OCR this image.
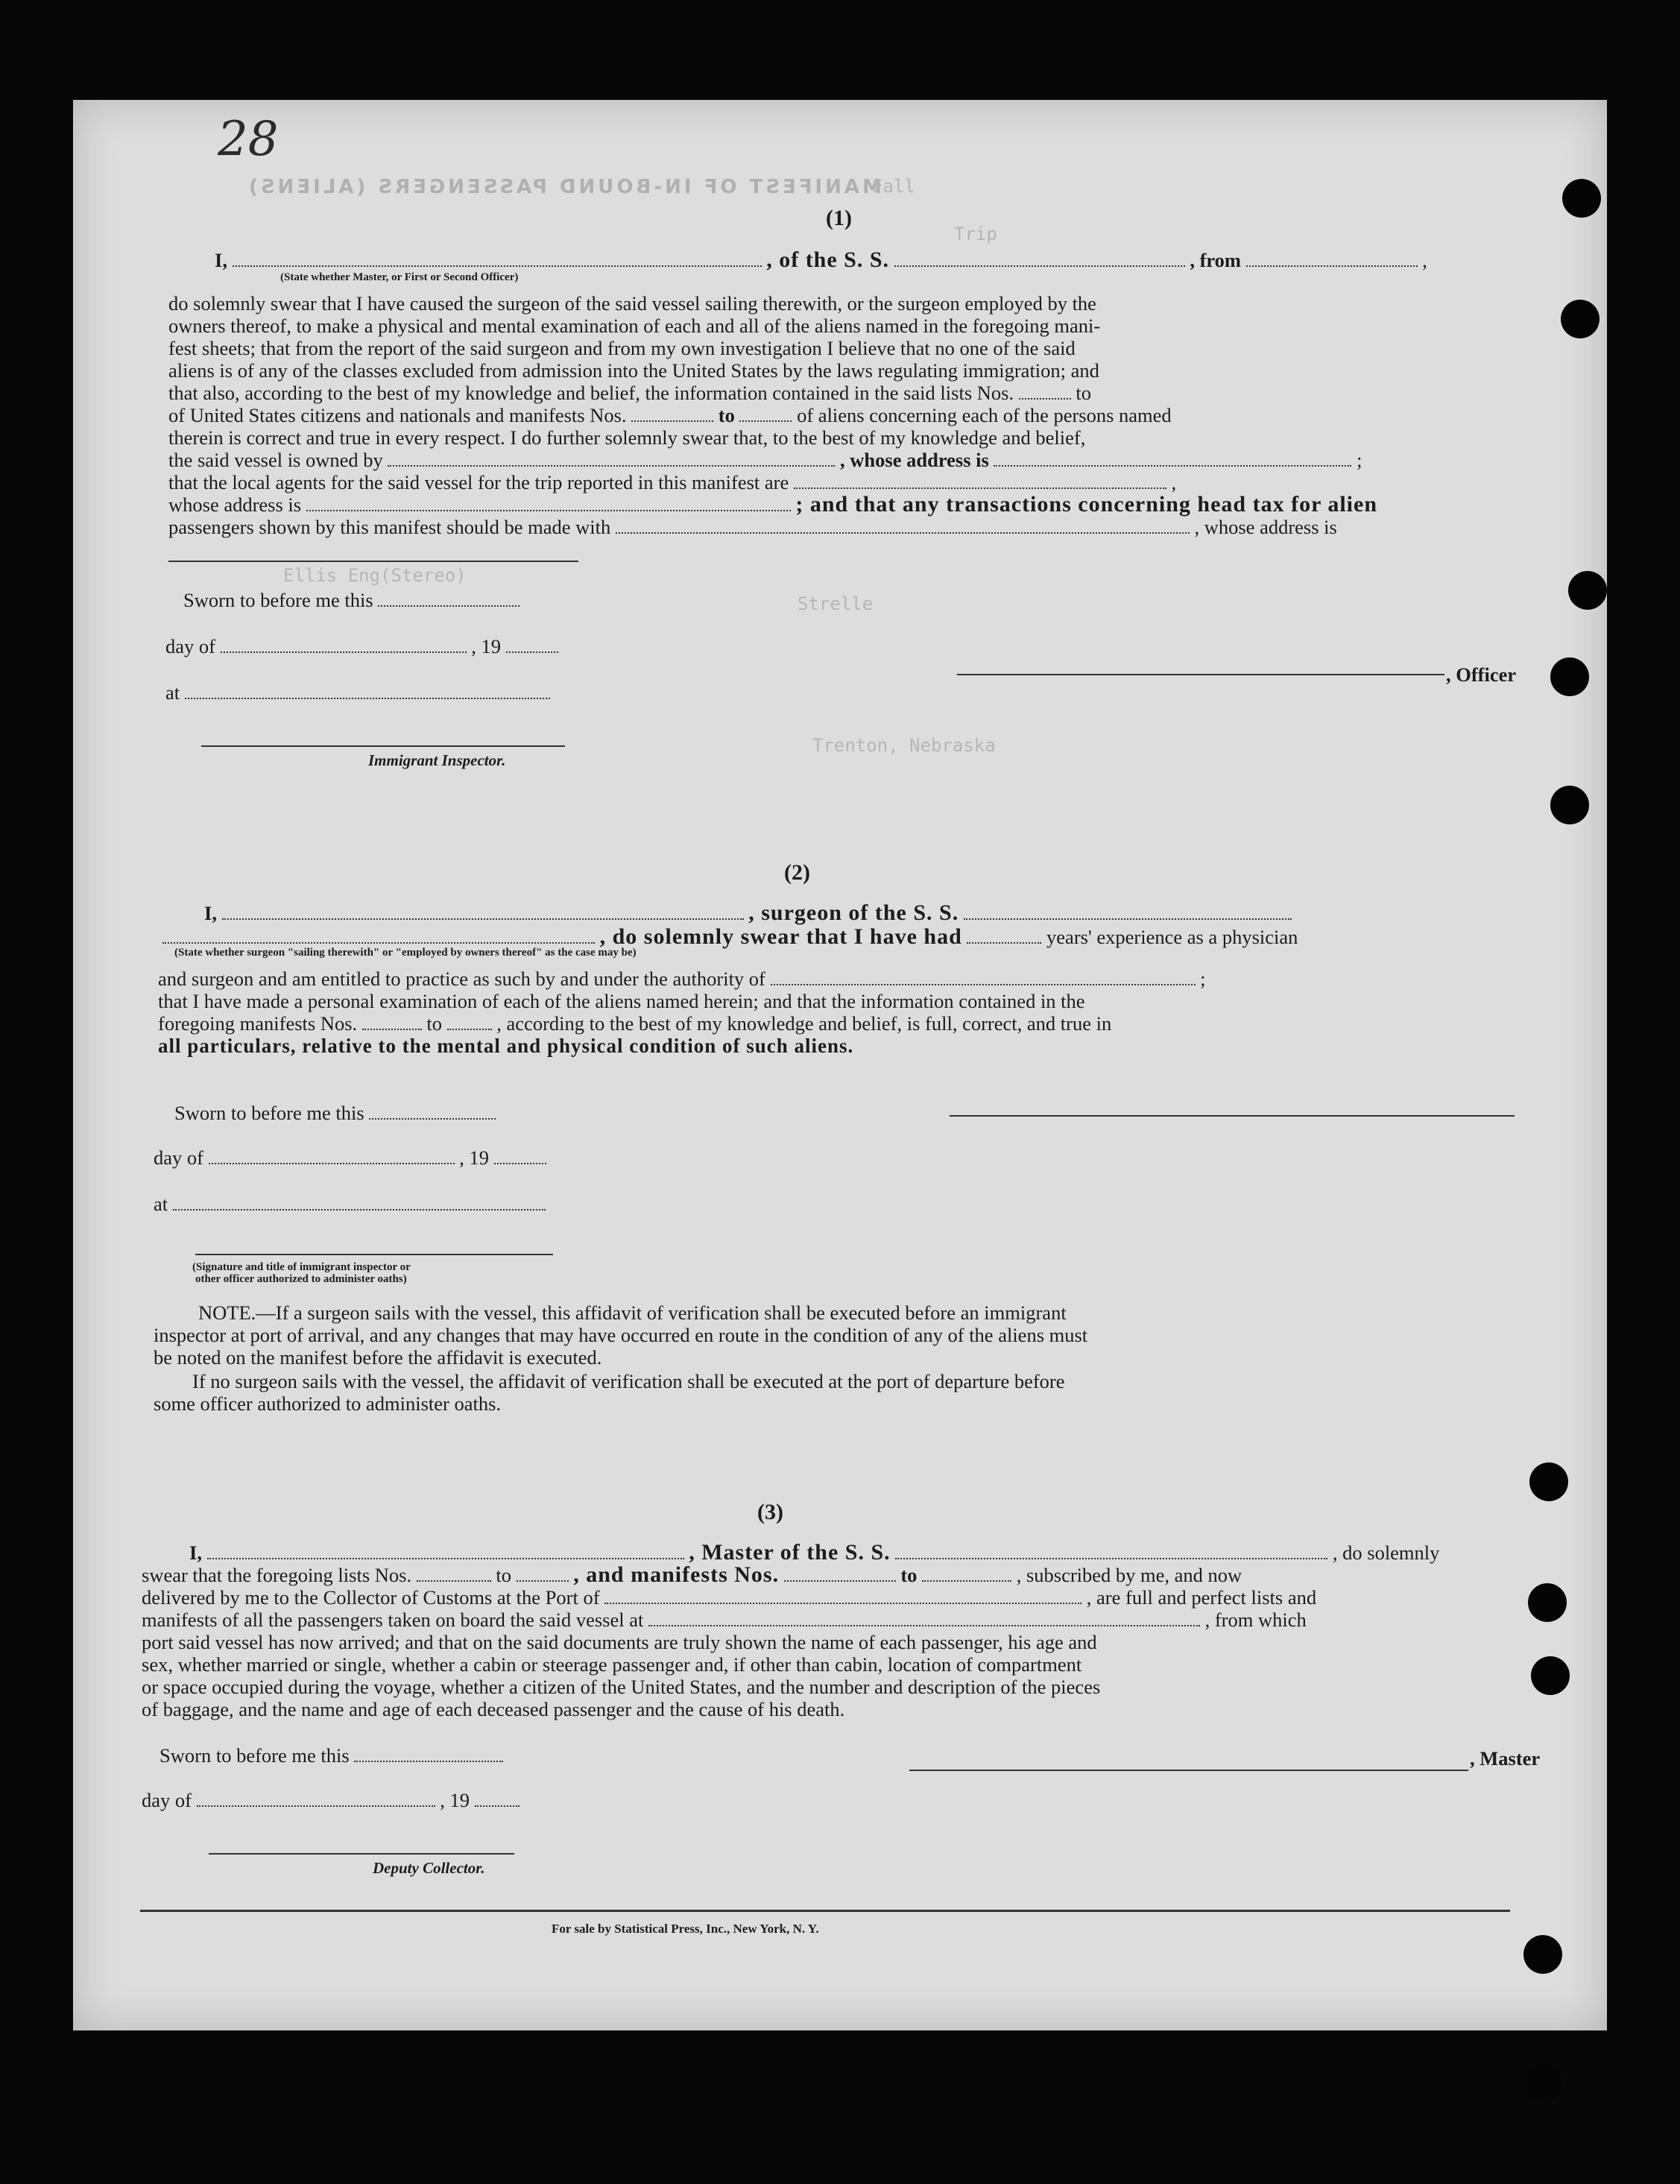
MANIFEST OF IN-BOUND PASSENGERS (ALIENS)
Ellis Eng(Stereo)
Strelle
Fall
Trip
Trenton, Nebraska
28
(1)
I,	, of the S. S.	, from	,
(State whether Master, or First or Second Officer)
do solemnly swear that I have caused the surgeon of the said vessel sailing therewith, or the surgeon employed by the
owners thereof, to make a physical and mental examination of each and all of the aliens named in the foregoing mani-
fest sheets; that from the report of the said surgeon and from my own investigation I believe that no one of the said
aliens is of any of the classes excluded from admission into the United States by the laws regulating immigration; and
that also, according to the best of my knowledge and belief, the information contained in the said lists Nos.	to
of United States citizens and nationals and manifests Nos.	to	of aliens concerning each of the persons named
therein is correct and true in every respect. I do further solemnly swear that, to the best of my knowledge and belief,
the said vessel is owned by	, whose address is	;
that the local agents for the said vessel for the trip reported in this manifest are	,
whose address is	; and that any transactions concerning head tax for alien
passengers shown by this manifest should be made with	, whose address is
Sworn to before me this
day of	, 19
at
Immigrant Inspector.
, Officer
(2)
I,	, surgeon of the S. S.
, do solemnly swear that I have had	years' experience as a physician
(State whether surgeon "sailing therewith" or "employed by owners thereof" as the case may be)
and surgeon and am entitled to practice as such by and under the authority of	;
that I have made a personal examination of each of the aliens named herein; and that the information contained in the
foregoing manifests Nos.	to	, according to the best of my knowledge and belief, is full, correct, and true in
all particulars, relative to the mental and physical condition of such aliens.
Sworn to before me this
day of	, 19
at
(Signature and title of immigrant inspector or
other officer authorized to administer oaths)
NOTE.—If a surgeon sails with the vessel, this affidavit of verification shall be executed before an immigrant
inspector at port of arrival, and any changes that may have occurred en route in the condition of any of the aliens must
be noted on the manifest before the affidavit is executed.
If no surgeon sails with the vessel, the affidavit of verification shall be executed at the port of departure before
some officer authorized to administer oaths.
(3)
I,	, Master of the S. S.	, do solemnly
swear that the foregoing lists Nos.	to	, and manifests Nos.	to	, subscribed by me, and now
delivered by me to the Collector of Customs at the Port of	, are full and perfect lists and
manifests of all the passengers taken on board the said vessel at	, from which
port said vessel has now arrived; and that on the said documents are truly shown the name of each passenger, his age and
sex, whether married or single, whether a cabin or steerage passenger and, if other than cabin, location of compartment
or space occupied during the voyage, whether a citizen of the United States, and the number and description of the pieces
of baggage, and the name and age of each deceased passenger and the cause of his death.
Sworn to before me this	, Master
day of	, 19
Deputy Collector.
For sale by Statistical Press, Inc., New York, N. Y.
